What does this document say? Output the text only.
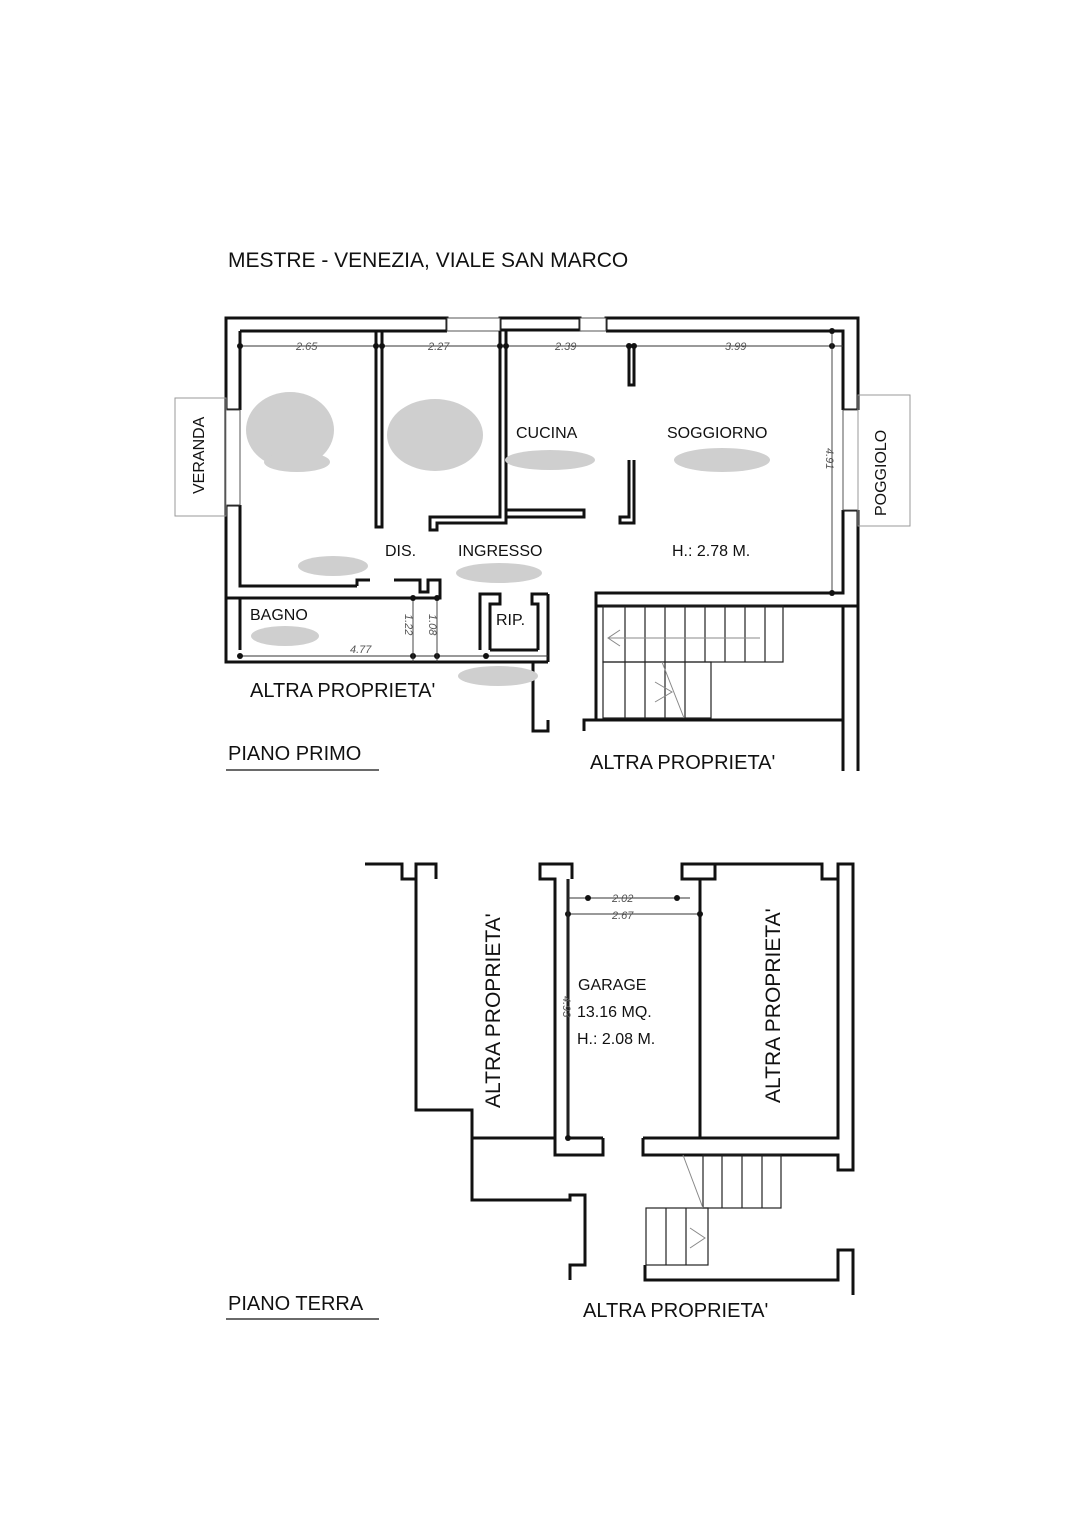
MESTRE - VENEZIA, VIALE SAN MARCO
2.65	2.27	2.39	3.99
4.91
4.77
1.22 1.08
CUCINA	SOGGIORNO
DIS.	INGRESSO	H.: 2.78 M.
BAGNO	RIP.
VERANDA	POGGIOLO
ALTRA PROPRIETA'
ALTRA PROPRIETA'
PIANO PRIMO
2.02
2.67
4.93
GARAGE
13.16 MQ.
H.: 2.08 M.
ALTRA PROPRIETA'	ALTRA PROPRIETA'
ALTRA PROPRIETA'
PIANO TERRA
